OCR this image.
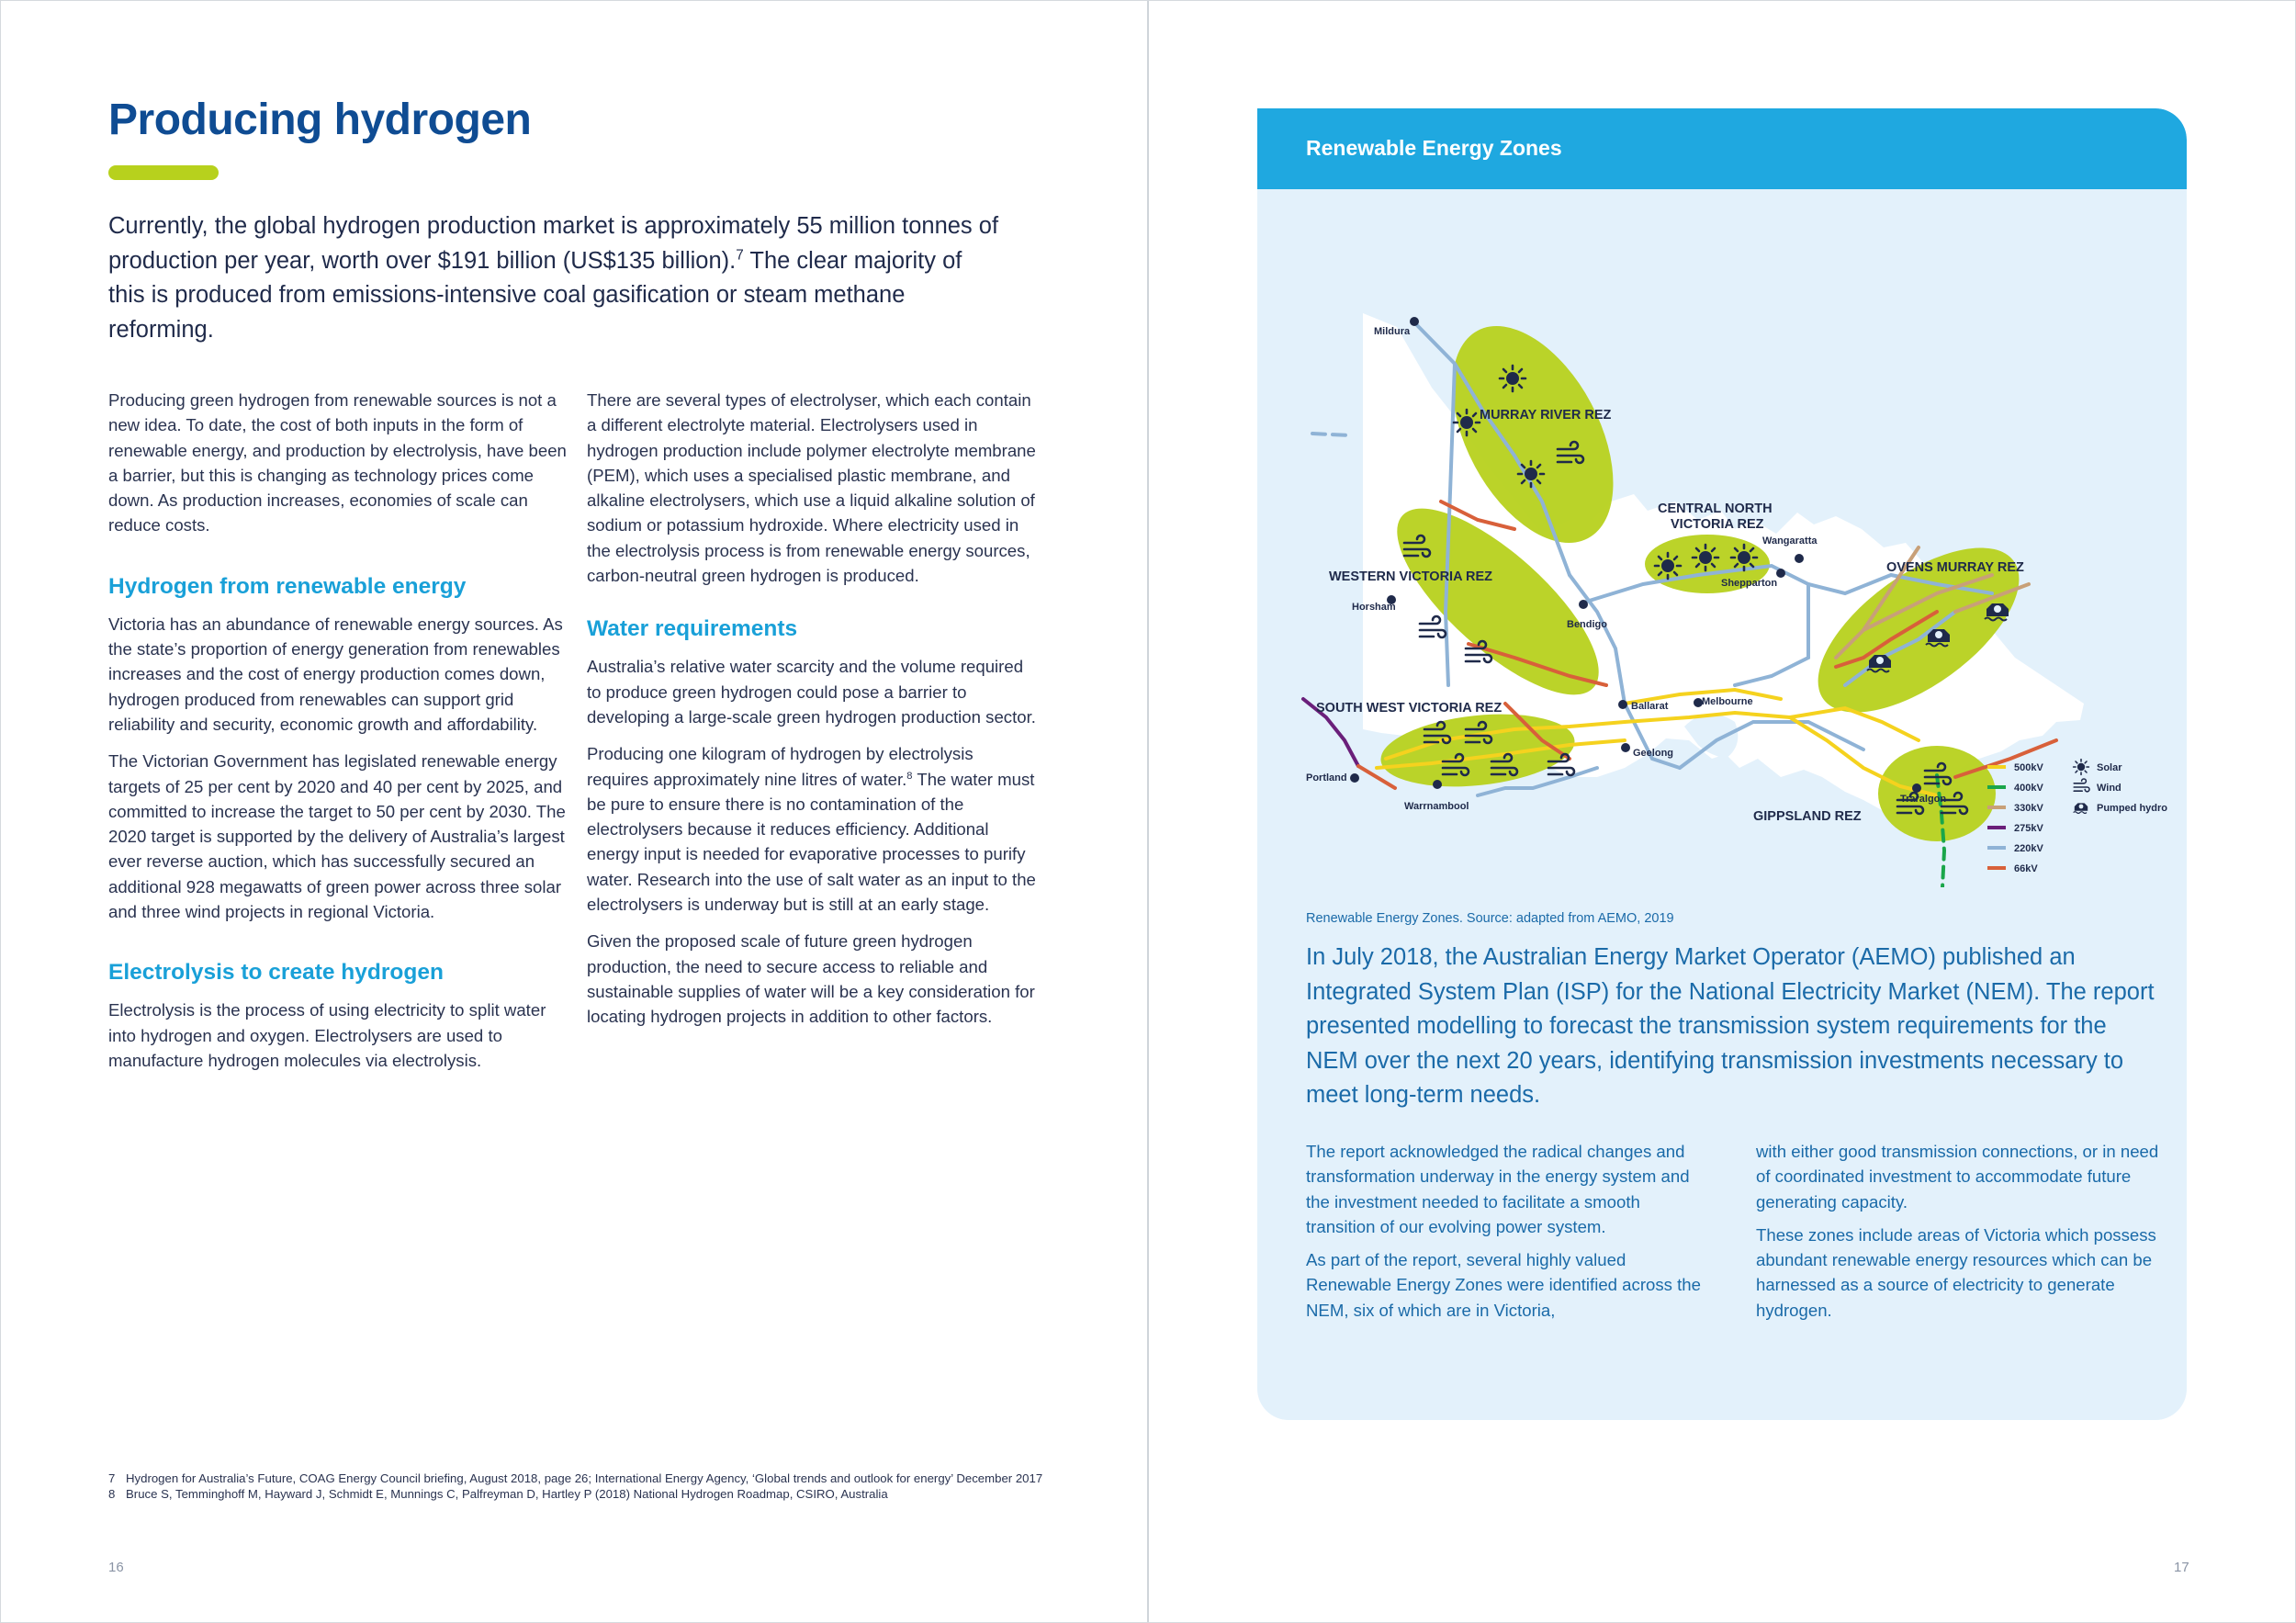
Producing hydrogen

Currently, the global hydrogen production market is approximately 55 million tonnes of production per year, worth over $191 billion (US$135 billion).$^7$ The clear majority of this is produced from emissions-intensive coal gasification or steam methane reforming.

Producing green hydrogen from renewable sources is not a new idea. To date, the cost of both inputs in the form of renewable energy, and production by electrolysis, have been a barrier, but this is changing as technology prices come down. As production increases, economies of scale can reduce costs.

Hydrogen from renewable energy

Victoria has an abundance of renewable energy sources. As the state’s proportion of energy generation from renewables increases and the cost of energy production comes down, hydrogen produced from renewables can support grid reliability and security, economic growth and affordability.

The Victorian Government has legislated renewable energy targets of 25 per cent by 2020 and 40 per cent by 2025, and committed to increase the target to 50 per cent by 2030. The 2020 target is supported by the delivery of Australia’s largest ever reverse auction, which has successfully secured an additional 928 megawatts of green power across three solar and three wind projects in regional Victoria.

Electrolysis to create hydrogen

Electrolysis is the process of using electricity to split water into hydrogen and oxygen. Electrolysers are used to manufacture hydrogen molecules via electrolysis.

There are several types of electrolyser, which each contain a different electrolyte material. Electrolysers used in hydrogen production include polymer electrolyte membrane (PEM), which uses a specialised plastic membrane, and alkaline electrolysers, which use a liquid alkaline solution of sodium or potassium hydroxide. Where electricity used in the electrolysis process is from renewable energy sources, carbon-neutral green hydrogen is produced.

Water requirements

Australia’s relative water scarcity and the volume required to produce green hydrogen could pose a barrier to developing a large-scale green hydrogen production sector.

Producing one kilogram of hydrogen by electrolysis requires approximately nine litres of water.$^8$ The water must be pure to ensure there is no contamination of the electrolysers because it reduces efficiency. Additional energy input is needed for evaporative processes to purify water. Research into the use of salt water as an input to the electrolysers is underway but is still at an early stage.

Given the proposed scale of future green hydrogen production, the need to secure access to reliable and sustainable supplies of water will be a key consideration for locating hydrogen projects in addition to other factors.

7 Hydrogen for Australia’s Future, COAG Energy Council briefing, August 2018, page 26; International Energy Agency, ‘Global trends and outlook for energy’ December 2017
8 Bruce S, Temminghoff M, Hayward J, Schmidt E, Munnings C, Palfreyman D, Hartley P (2018) National Hydrogen Roadmap, CSIRO, Australia
16	17
Renewable Energy Zones
Mildura
Horsham
Wangaratta
Shepparton
Bendigo
Ballarat	Melbourne
Geelong
Portland
Warrnambool
Traralgon
MURRAY RIVER REZ
WESTERN VICTORIA REZ
CENTRAL NORTH
VICTORIA REZ
OVENS MURRAY REZ
SOUTH WEST VICTORIA REZ
GIPPSLAND REZ
500kV
400kV
330kV
275kV
220kV
66kV
Solar
Wind
Pumped hydro
Renewable Energy Zones. Source: adapted from AEMO, 2019

In July 2018, the Australian Energy Market Operator (AEMO) published an Integrated System Plan (ISP) for the National Electricity Market (NEM). The report presented modelling to forecast the transmission system requirements for the NEM over the next 20 years, identifying transmission investments necessary to meet long-term needs.

The report acknowledged the radical changes and transformation underway in the energy system and the investment needed to facilitate a smooth transition of our evolving power system.

As part of the report, several highly valued Renewable Energy Zones were identified across the NEM, six of which are in Victoria,

with either good transmission connections, or in need of coordinated investment to accommodate future generating capacity.

These zones include areas of Victoria which possess abundant renewable energy resources which can be harnessed as a source of electricity to generate hydrogen.
